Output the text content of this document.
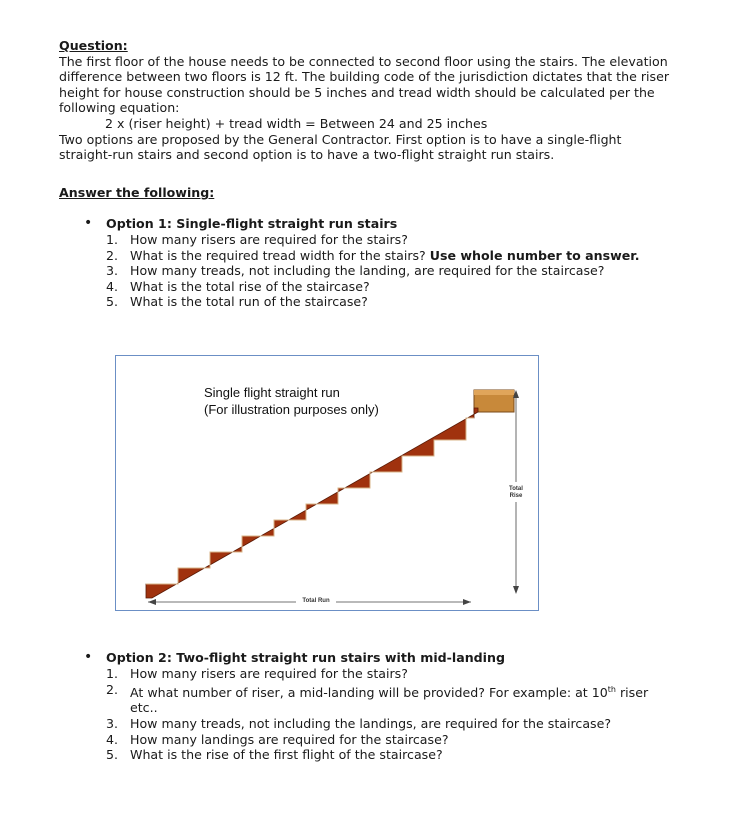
Question:

The first floor of the house needs to be connected to second floor using the stairs. The elevation

difference between two floors is 12 ft. The building code of the jurisdiction dictates that the riser

height for house construction should be 5 inches and tread width should be calculated per the

following equation:

2 x (riser height) + tread width = Between 24 and 25 inches

Two options are proposed by the General Contractor. First option is to have a single-flight

straight-run stairs and second option is to have a two-flight straight run stairs.

Answer the following:
• Option 1: Single-flight straight run stairs
1. How many risers are required for the stairs?
2. What is the required tread width for the stairs? Use whole number to answer.
3. How many treads, not including the landing, are required for the staircase?
4. What is the total rise of the staircase?
5. What is the total run of the staircase?
Single flight straight run
(For illustration purposes only)
Total
Rise
Total Run
• Option 2: Two-flight straight run stairs with mid-landing
1. How many risers are required for the stairs?
2. At what number of riser, a mid-landing will be provided? For example: at 10th riser
etc..
3. How many treads, not including the landings, are required for the staircase?
4. How many landings are required for the staircase?
5. What is the rise of the first flight of the staircase?
